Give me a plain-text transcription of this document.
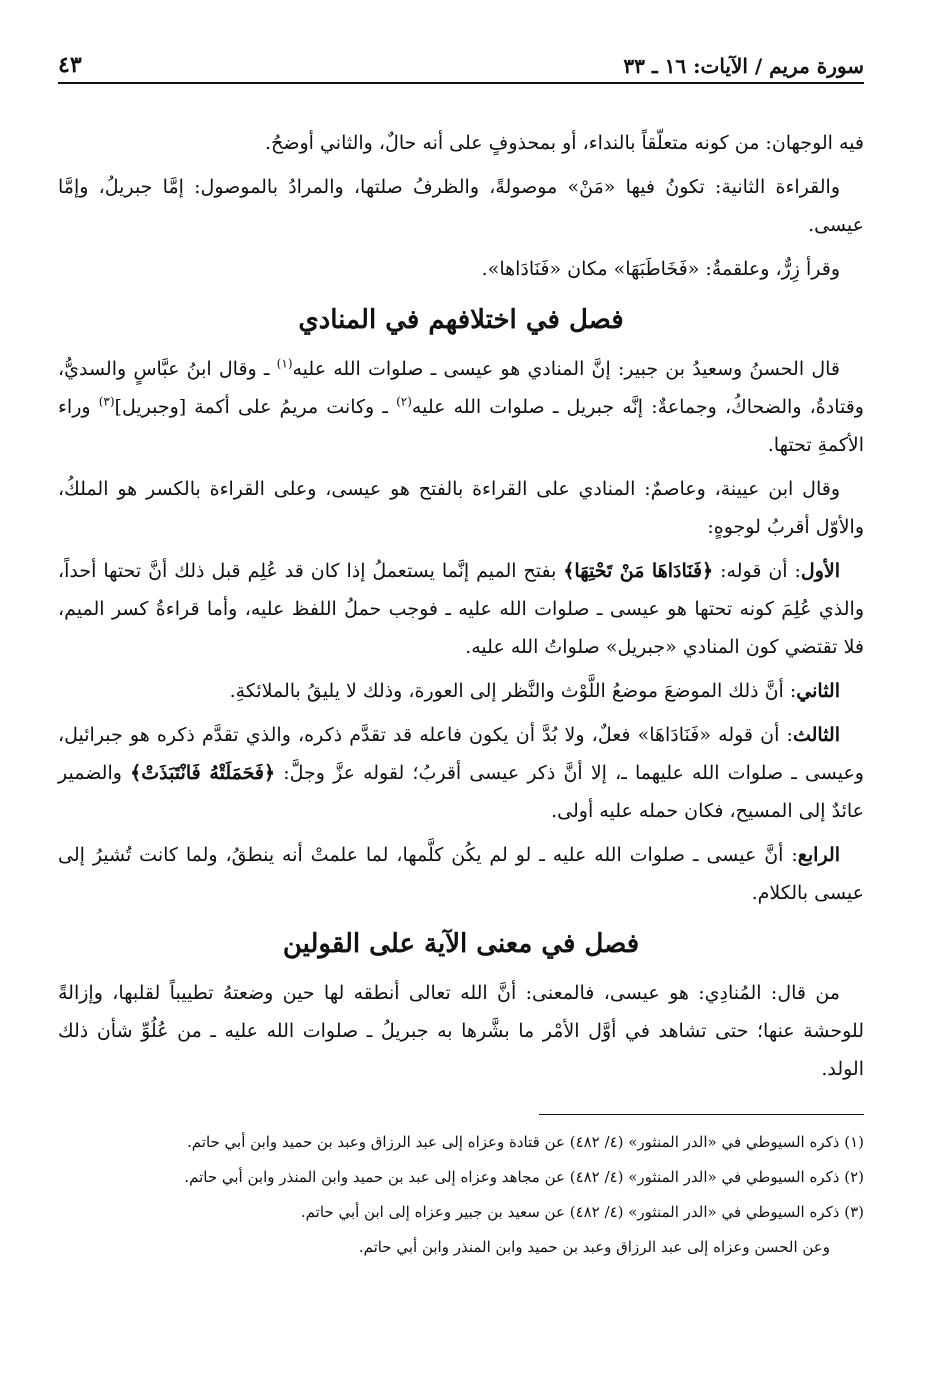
سورة مريم / الآيات: ١٦ ـ ٣٣
٤٣

فيه الوجهان: من كونه متعلّقاً بالنداء، أو بمحذوفٍ على أنه حالٌ، والثاني أوضحُ.

والقراءة الثانية: تكونُ فيها «مَنْ» موصولةً، والظرفُ صلتها، والمرادُ بالموصول: إمَّا جبريلُ، وإمَّا عيسى.

وقرأ زِرٌّ، وعلقمةُ: «فَخَاطَبَهَا» مكان «فَنَادَاها».

فصل في اختلافهم في المنادي

قال الحسنُ وسعيدُ بن جبير: إنَّ المنادي هو عيسى ـ صلوات الله عليه$^{(١)}$ ـ وقال ابنُ عبَّاسٍ والسديُّ، وقتادةُ، والضحاكُ، وجماعةٌ: إنَّه جبريل ـ صلوات الله عليه$^{(٢)}$ ـ وكانت مريمُ على أكمة [وجبريل]$^{(٣)}$ وراء الأكمةِ تحتها.

وقال ابن عيينة، وعاصمٌ: المنادي على القراءة بالفتح هو عيسى، وعلى القراءة بالكسر هو الملكُ، والأوّل أقربُ لوجوهٍ:

الأول: أن قوله: ﴿فَنَادَاهَا مَنْ تَحْتِهَا﴾ بفتح الميم إنَّما يستعملُ إذا كان قد عُلِم قبل ذلك أنَّ تحتها أحداً، والذي عُلِمَ كونه تحتها هو عيسى ـ صلوات الله عليه ـ فوجب حملُ اللفظ عليه، وأما قراءةُ كسر الميم، فلا تقتضي كون المنادي «جبريل» صلواتُ الله عليه.

الثاني: أنَّ ذلك الموضعَ موضعُ اللَّوْث والنَّظر إلى العورة، وذلك لا يليقُ بالملائكةِ.

الثالث: أن قوله «فَنَادَاهَا» فعلٌ، ولا بُدَّ أن يكون فاعله قد تقدَّم ذكره، والذي تقدَّم ذكره هو جبرائيل، وعيسى ـ صلوات الله عليهما ـ، إلا أنَّ ذكر عيسى أقربُ؛ لقوله عزَّ وجلَّ: ﴿فَحَمَلَتْهُ فَانْتَبَذَتْ﴾ والضمير عائدٌ إلى المسيح، فكان حمله عليه أولى.

الرابع: أنَّ عيسى ـ صلوات الله عليه ـ لو لم يكُن كلَّمها، لما علمتْ أنه ينطقُ، ولما كانت تُشيرُ إلى عيسى بالكلام.

فصل في معنى الآية على القولين

من قال: المُنادِي: هو عيسى، فالمعنى: أنَّ الله تعالى أنطقه لها حين وضعتهُ تطييباً لقلبها، وإزالةً للوحشة عنها؛ حتى تشاهد في أوَّل الأمْر ما بشَّرها به جبريلُ ـ صلوات الله عليه ـ من عُلُوِّ شأن ذلك الولد.

(١) ذكره السيوطي في «الدر المنثور» (٤/ ٤٨٢) عن قتادة وعزاه إلى عبد الرزاق وعبد بن حميد وابن أبي حاتم.

(٢) ذكره السيوطي في «الدر المنثور» (٤/ ٤٨٢) عن مجاهد وعزاه إلى عبد بن حميد وابن المنذر وابن أبي حاتم.

(٣) ذكره السيوطي في «الدر المنثور» (٤/ ٤٨٢) عن سعيد بن جبير وعزاه إلى ابن أبي حاتم.

وعن الحسن وعزاه إلى عبد الرزاق وعبد بن حميد وابن المنذر وابن أبي حاتم.
